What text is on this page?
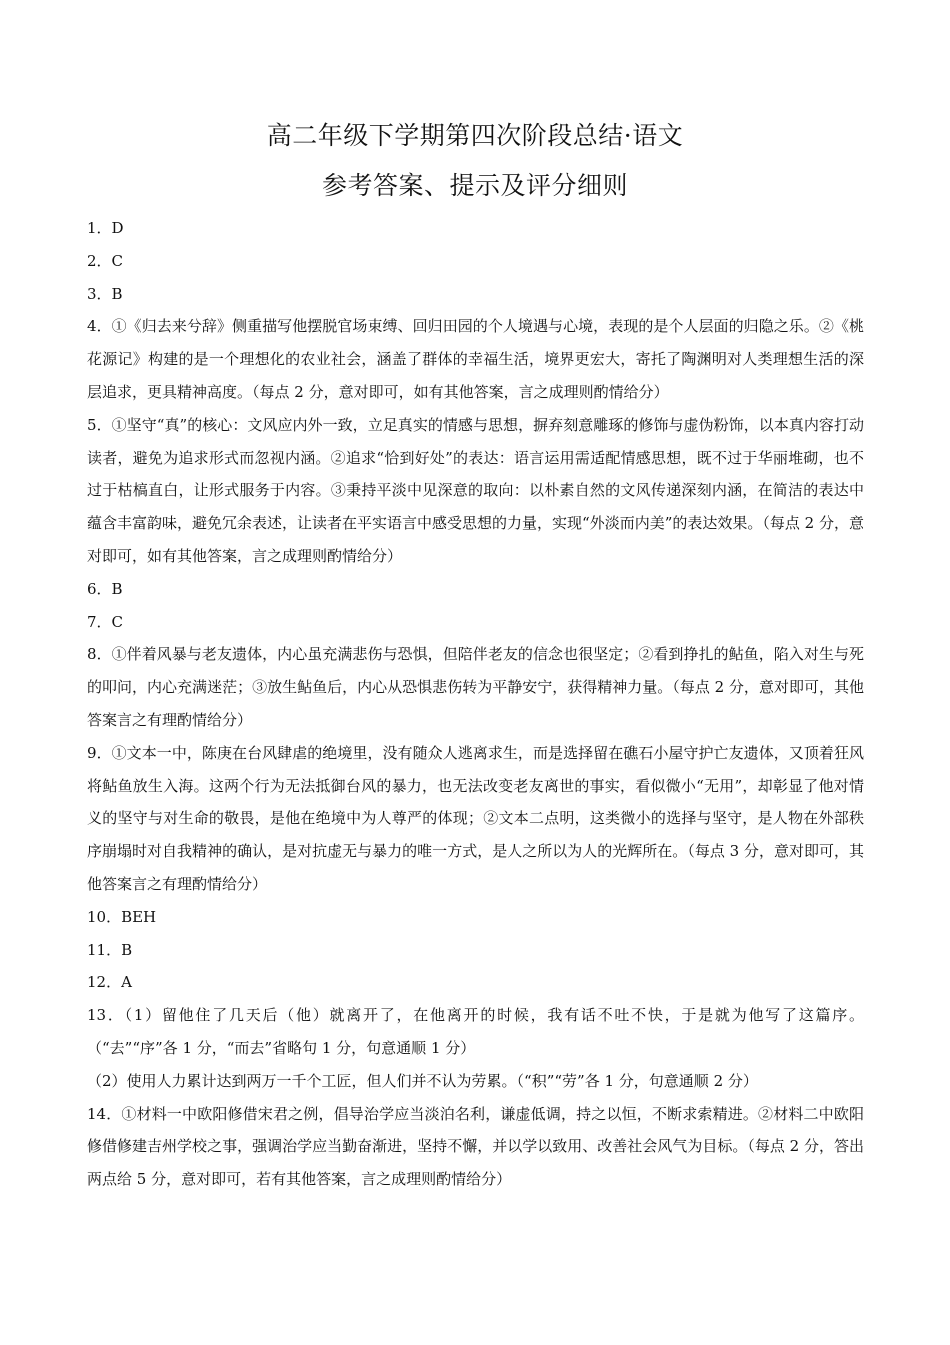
高二年级下学期第四次阶段总结·语文
参考答案、提示及评分细则

1．D

2．C

3．B

4．①《归去来兮辞》侧重描写他摆脱官场束缚、回归田园的个人境遇与心境，表现的是个人层面的归隐之乐。②《桃花源记》构建的是一个理想化的农业社会，涵盖了群体的幸福生活，境界更宏大，寄托了陶渊明对人类理想生活的深层追求，更具精神高度。（每点 2 分，意对即可，如有其他答案，言之成理则酌情给分）

5．①坚守“真”的核心：文风应内外一致，立足真实的情感与思想，摒弃刻意雕琢的修饰与虚伪粉饰，以本真内容打动读者，避免为追求形式而忽视内涵。②追求“恰到好处”的表达：语言运用需适配情感思想，既不过于华丽堆砌，也不过于枯槁直白，让形式服务于内容。③秉持平淡中见深意的取向：以朴素自然的文风传递深刻内涵，在简洁的表达中蕴含丰富韵味，避免冗余表述，让读者在平实语言中感受思想的力量，实现“外淡而内美”的表达效果。（每点 2 分，意对即可，如有其他答案，言之成理则酌情给分）

6．B

7．C

8．①伴着风暴与老友遗体，内心虽充满悲伤与恐惧，但陪伴老友的信念也很坚定；②看到挣扎的鲇鱼，陷入对生与死的叩问，内心充满迷茫；③放生鲇鱼后，内心从恐惧悲伤转为平静安宁，获得精神力量。（每点 2 分，意对即可，其他答案言之有理酌情给分）

9．①文本一中，陈庚在台风肆虐的绝境里，没有随众人逃离求生，而是选择留在礁石小屋守护亡友遗体，又顶着狂风将鲇鱼放生入海。这两个行为无法抵御台风的暴力，也无法改变老友离世的事实，看似微小“无用”，却彰显了他对情义的坚守与对生命的敬畏，是他在绝境中为人尊严的体现；②文本二点明，这类微小的选择与坚守，是人物在外部秩序崩塌时对自我精神的确认，是对抗虚无与暴力的唯一方式，是人之所以为人的光辉所在。（每点 3 分，意对即可，其他答案言之有理酌情给分）

10．BEH

11．B

12．A

13．（1）留他住了几天后（他）就离开了，在他离开的时候，我有话不吐不快，于是就为他写了这篇序。（“去”“序”各 1 分，“而去”省略句 1 分，句意通顺 1 分）

（2）使用人力累计达到两万一千个工匠，但人们并不认为劳累。（“积”“劳”各 1 分，句意通顺 2 分）

14．①材料一中欧阳修借宋君之例，倡导治学应当淡泊名利，谦虚低调，持之以恒，不断求索精进。②材料二中欧阳修借修建吉州学校之事，强调治学应当勤奋渐进，坚持不懈，并以学以致用、改善社会风气为目标。（每点 2 分，答出两点给 5 分，意对即可，若有其他答案，言之成理则酌情给分）
